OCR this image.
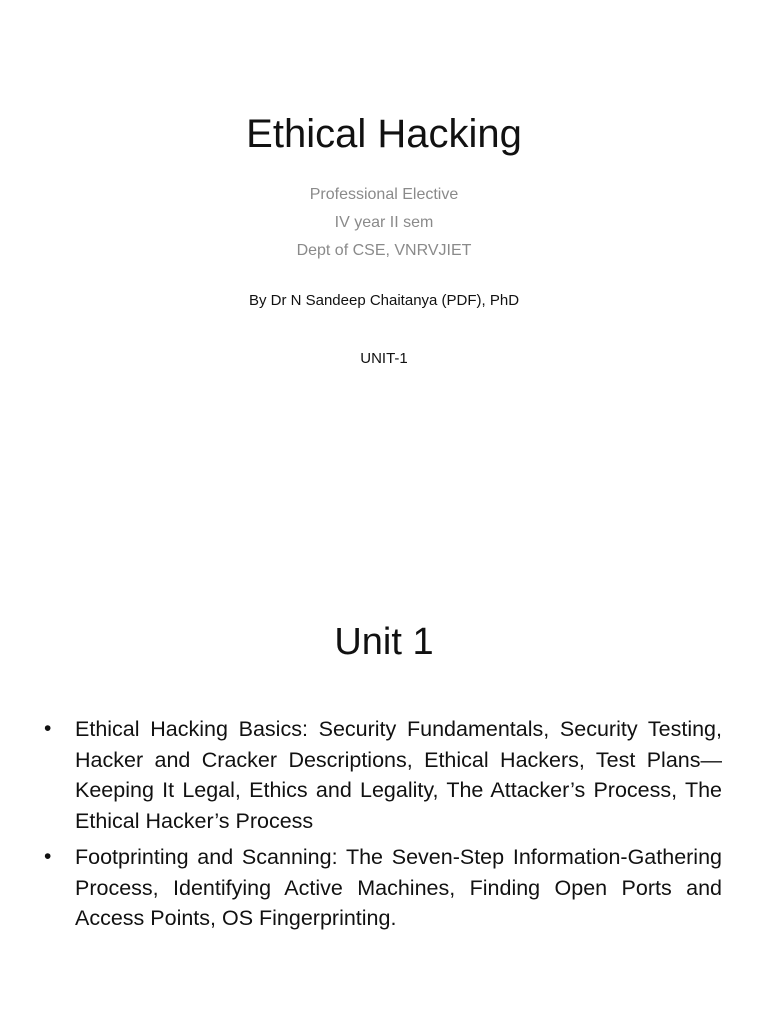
Ethical Hacking
Professional Elective
IV year II sem
Dept of CSE, VNRVJIET
By Dr N Sandeep Chaitanya (PDF), PhD
UNIT-1
Unit 1
•	Ethical Hacking Basics: Security Fundamentals, Security Testing, Hacker and Cracker Descriptions, Ethical Hackers, Test Plans—Keeping It Legal, Ethics and Legality, The Attacker’s Process, The Ethical Hacker’s Process
•	Footprinting and Scanning: The Seven-Step Information-Gathering Process, Identifying Active Machines, Finding Open Ports and Access Points, OS Fingerprinting.
